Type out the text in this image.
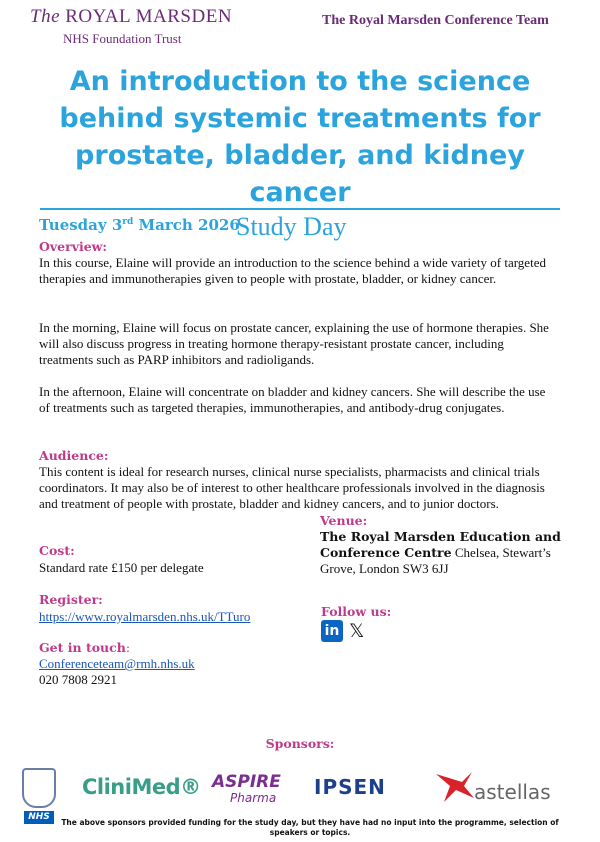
The ROYAL MARSDEN
NHS Foundation Trust
The Royal Marsden Conference Team
An introduction to the science behind systemic treatments for prostate, bladder, and kidney cancer
Tuesday 3rd March 2026
Study Day
Overview:
In this course, Elaine will provide an introduction to the science behind a wide variety of targeted therapies and immunotherapies given to people with prostate, bladder, or kidney cancer.
In the morning, Elaine will focus on prostate cancer, explaining the use of hormone therapies. She will also discuss progress in treating hormone therapy-resistant prostate cancer, including treatments such as PARP inhibitors and radioligands.
In the afternoon, Elaine will concentrate on bladder and kidney cancers. She will describe the use of treatments such as targeted therapies, immunotherapies, and antibody-drug conjugates.
Audience:
This content is ideal for research nurses, clinical nurse specialists, pharmacists and clinical trials coordinators. It may also be of interest to other healthcare professionals involved in the diagnosis and treatment of people with prostate, bladder and kidney cancers, and to junior doctors.
Cost:
Standard rate £150 per delegate
Register:
https://www.royalmarsden.nhs.uk/TTuro
Get in touch:
Conferenceteam@rmh.nhs.uk
020 7808 2921
Venue:
The Royal Marsden Education and Conference Centre Chelsea, Stewart’s Grove, London SW3 6JJ
Follow us:
in 𝕏
Sponsors:
NHS
CliniMed® ASPIRE
Pharma IPSEN	astellas
The above sponsors provided funding for the study day, but they have had no input into the programme, selection of speakers or topics.
